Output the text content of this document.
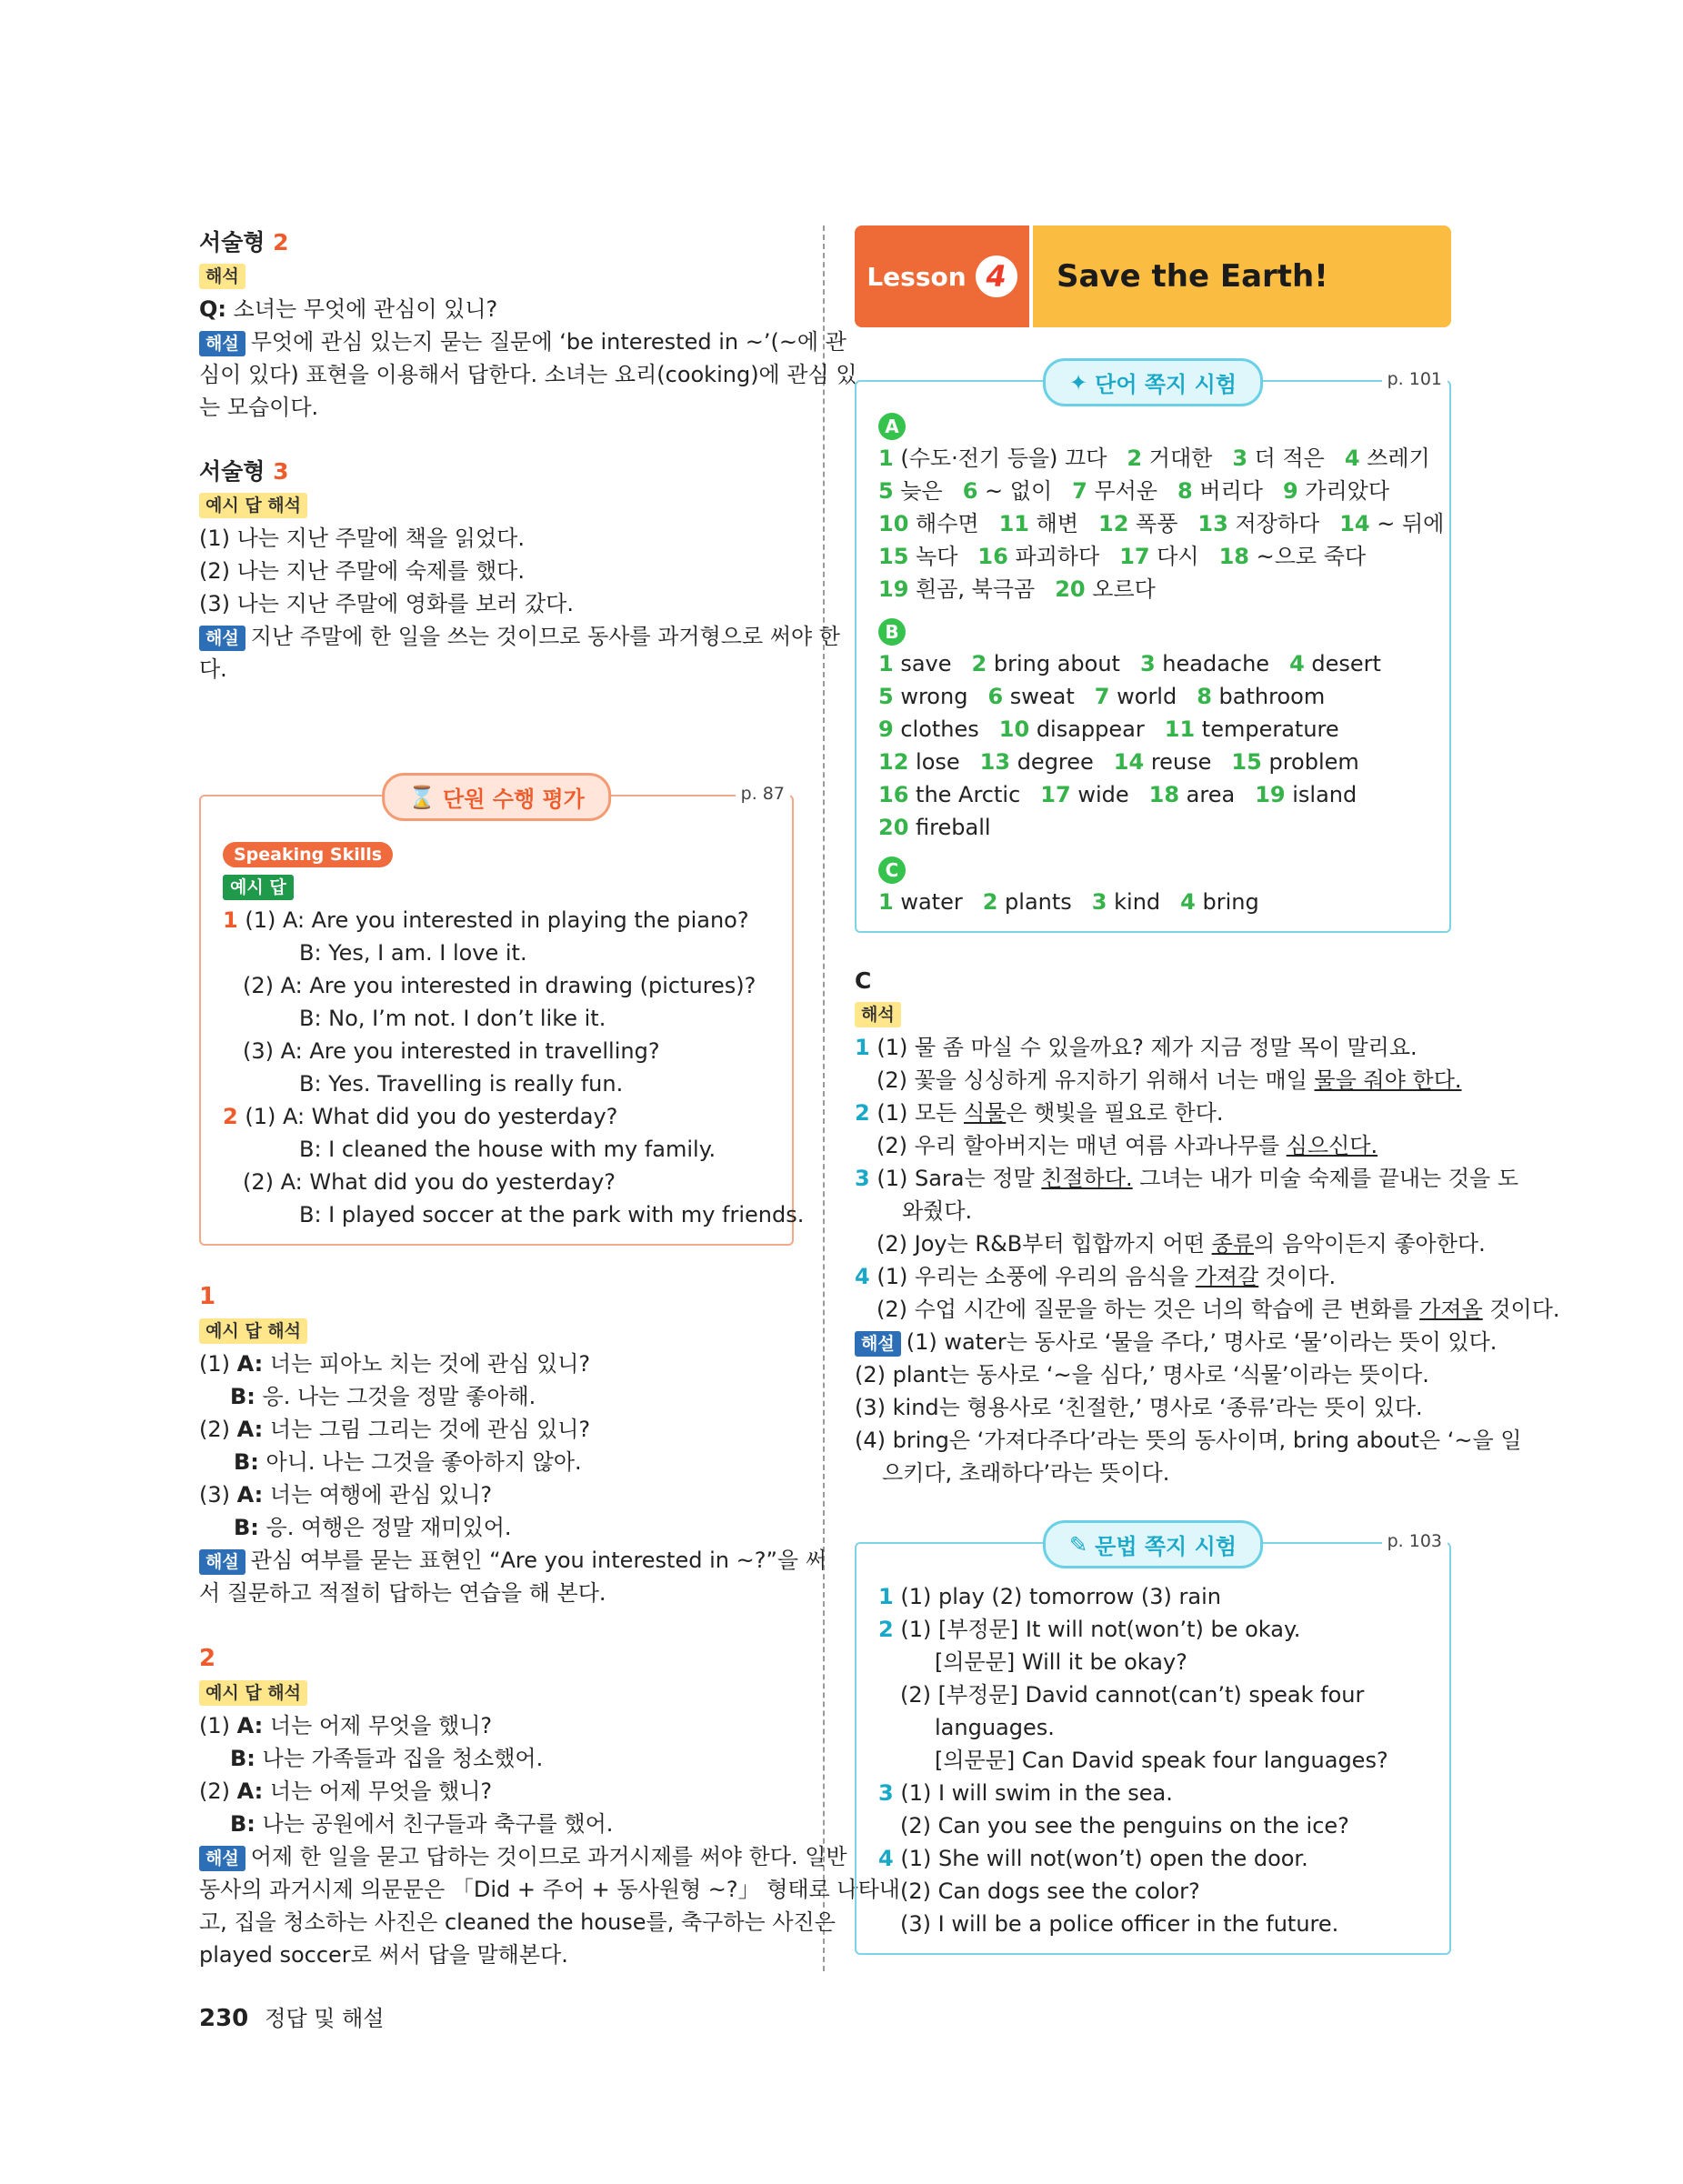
서술형 2
해석
Q: 소녀는 무엇에 관심이 있니?
해설 무엇에 관심 있는지 묻는 질문에 ‘be interested in ~’(~에 관
심이 있다) 표현을 이용해서 답한다. 소녀는 요리(cooking)에 관심 있
는 모습이다.
서술형 3
예시 답 해석
(1) 나는 지난 주말에 책을 읽었다.
(2) 나는 지난 주말에 숙제를 했다.
(3) 나는 지난 주말에 영화를 보러 갔다.
해설 지난 주말에 한 일을 쓰는 것이므로 동사를 과거형으로 써야 한
다.
⌛ 단원 수행 평가	p. 87
Speaking Skills
예시 답
1 (1) A: Are you interested in playing the piano?
B: Yes, I am. I love it.
(2) A: Are you interested in drawing (pictures)?
B: No, I’m not. I don’t like it.
(3) A: Are you interested in travelling?
B: Yes. Travelling is really fun.
2 (1) A: What did you do yesterday?
B: I cleaned the house with my family.
(2) A: What did you do yesterday?
B: I played soccer at the park with my friends.
1
예시 답 해석
(1) A: 너는 피아노 치는 것에 관심 있니?
B: 응. 나는 그것을 정말 좋아해.
(2) A: 너는 그림 그리는 것에 관심 있니?
B: 아니. 나는 그것을 좋아하지 않아.
(3) A: 너는 여행에 관심 있니?
B: 응. 여행은 정말 재미있어.
해설 관심 여부를 묻는 표현인 “Are you interested in ~?”을 써
서 질문하고 적절히 답하는 연습을 해 본다.
2
예시 답 해석
(1) A: 너는 어제 무엇을 했니?
B: 나는 가족들과 집을 청소했어.
(2) A: 너는 어제 무엇을 했니?
B: 나는 공원에서 친구들과 축구를 했어.
해설 어제 한 일을 묻고 답하는 것이므로 과거시제를 써야 한다. 일반
동사의 과거시제 의문문은 「Did + 주어 + 동사원형 ~?」 형태로 나타내
고, 집을 청소하는 사진은 cleaned the house를, 축구하는 사진은
played soccer로 써서 답을 말해본다.
Lesson 4	Save the Earth!
✦ 단어 쪽지 시험	p. 101
A
1 (수도·전기 등을) 끄다 2 거대한 3 더 적은 4 쓰레기
5 늦은 6 ~ 없이 7 무서운 8 버리다 9 가리았다
10 해수면 11 해변 12 폭풍 13 저장하다 14 ~ 뒤에
15 녹다 16 파괴하다 17 다시 18 ~으로 죽다
19 흰곰, 북극곰 20 오르다
B
1 save 2 bring about 3 headache 4 desert
5 wrong 6 sweat 7 world 8 bathroom
9 clothes 10 disappear 11 temperature
12 lose 13 degree 14 reuse 15 problem
16 the Arctic 17 wide 18 area 19 island
20 fireball
C
1 water 2 plants 3 kind 4 bring
C
해석
1 (1) 물 좀 마실 수 있을까요? 제가 지금 정말 목이 말리요.
(2) 꽃을 싱싱하게 유지하기 위해서 너는 매일 물을 줘야 한다.
2 (1) 모든 식물은 햇빛을 필요로 한다.
(2) 우리 할아버지는 매년 여름 사과나무를 심으신다.
3 (1) Sara는 정말 친절하다. 그녀는 내가 미술 숙제를 끝내는 것을 도
와줬다.
(2) Joy는 R&B부터 힙합까지 어떤 종류의 음악이든지 좋아한다.
4 (1) 우리는 소풍에 우리의 음식을 가져갈 것이다.
(2) 수업 시간에 질문을 하는 것은 너의 학습에 큰 변화를 가져올 것이다.
해설 (1) water는 동사로 ‘물을 주다,’ 명사로 ‘물’이라는 뜻이 있다.
(2) plant는 동사로 ‘~을 심다,’ 명사로 ‘식물’이라는 뜻이다.
(3) kind는 형용사로 ‘친절한,’ 명사로 ‘종류’라는 뜻이 있다.
(4) bring은 ‘가져다주다’라는 뜻의 동사이며, bring about은 ‘~을 일
으키다, 초래하다’라는 뜻이다.
✎ 문법 쪽지 시험	p. 103
1 (1) play (2) tomorrow (3) rain
2 (1) [부정문] It will not(won’t) be okay.
[의문문] Will it be okay?
(2) [부정문] David cannot(can’t) speak four
languages.
[의문문] Can David speak four languages?
3 (1) I will swim in the sea.
(2) Can you see the penguins on the ice?
4 (1) She will not(won’t) open the door.
(2) Can dogs see the color?
(3) I will be a police officer in the future.
230 정답 및 해설
